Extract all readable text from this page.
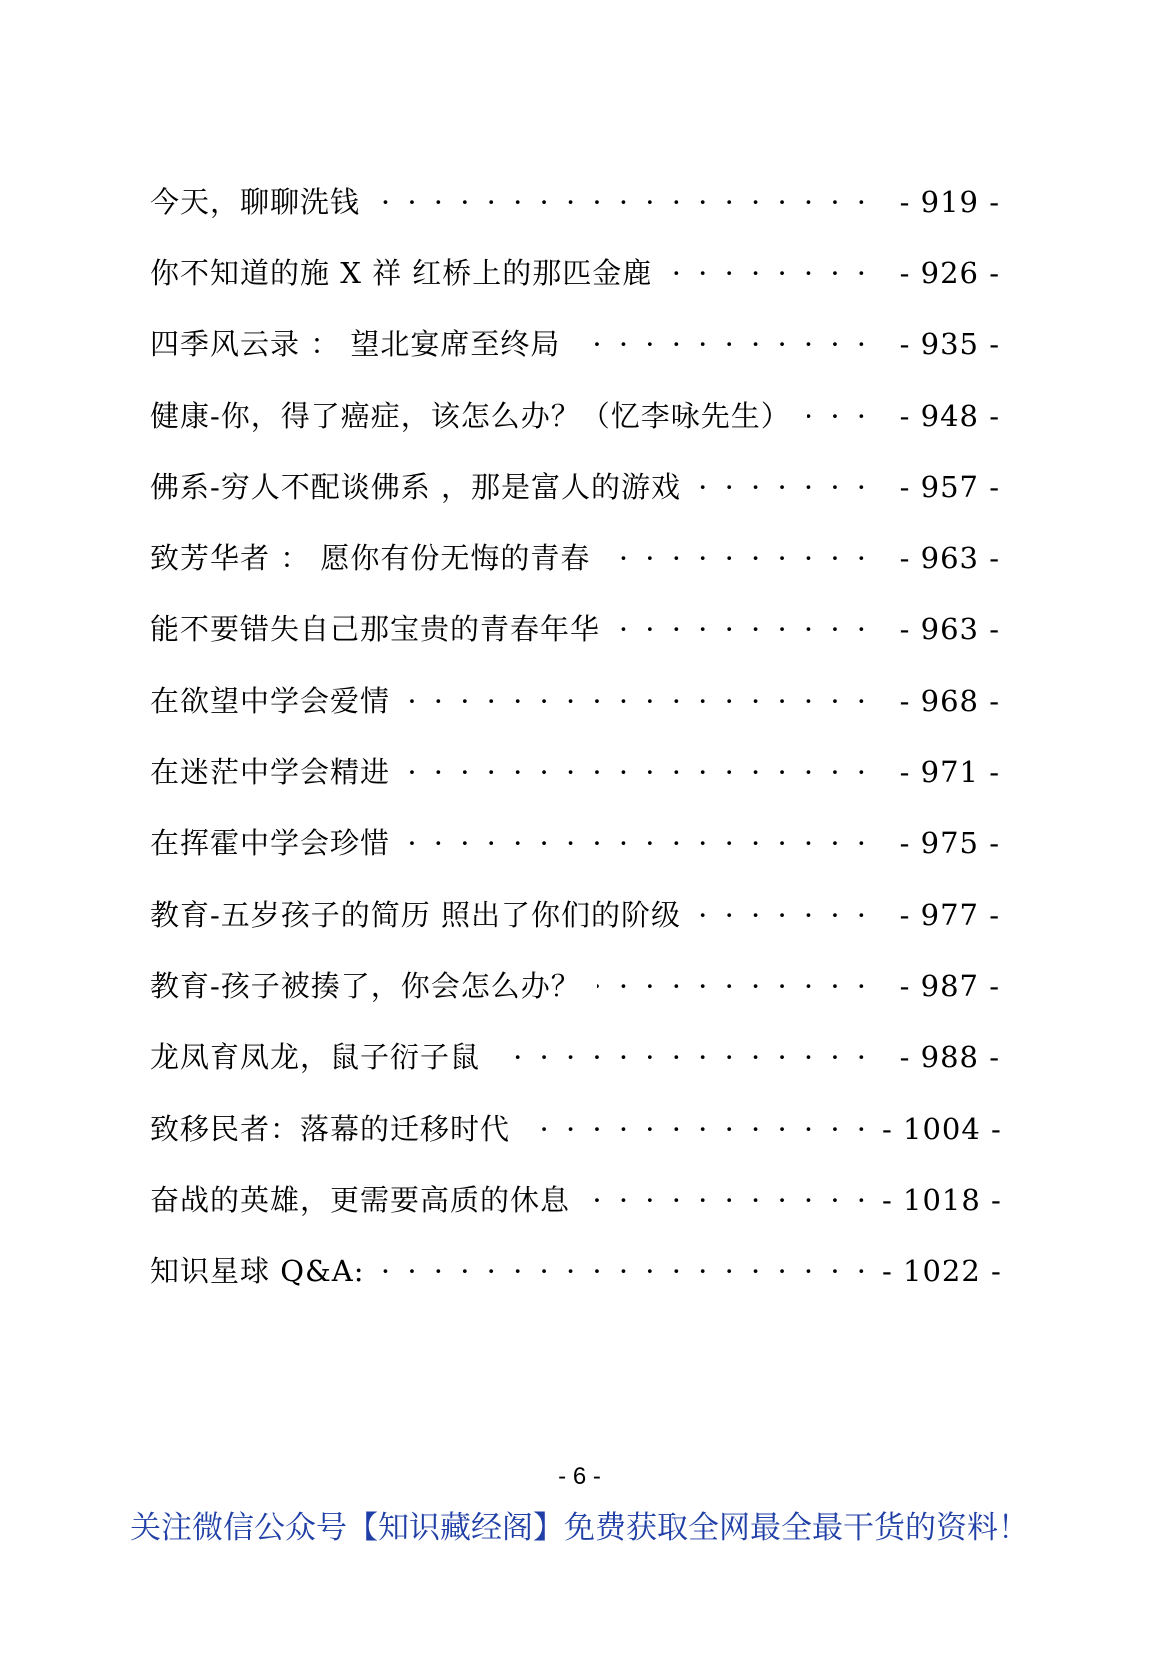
今天，聊聊洗钱 · · ·	- 919 -
你不知道的施 X 祥 红桥上的那匹金鹿 · · ·	- 926 -
四季风云录 ： 望北宴席至终局 · · ·	- 935 -
健康-你，得了癌症，该怎么办？（忆李咏先生） · · ·	- 948 -
佛系-穷人不配谈佛系 ，那是富人的游戏 · · ·	- 957 -
致芳华者 ： 愿你有份无悔的青春 · · ·	- 963 -
能不要错失自己那宝贵的青春年华 · · ·	- 963 -
在欲望中学会爱情 · · ·	- 968 -
在迷茫中学会精进 · · ·	- 971 -
在挥霍中学会珍惜 · · ·	- 975 -
教育-五岁孩子的简历 照出了你们的阶级 · · ·	- 977 -
教育-孩子被揍了，你会怎么办？ · · ·	- 987 -
龙凤育凤龙，鼠子衍子鼠 · · ·	- 988 -
致移民者：落幕的迁移时代 · · ·	- 1004 -
奋战的英雄，更需要高质的休息 · · ·	- 1018 -
知识星球 Q&A: · · ·	- 1022 -
- 6 -
关注微信公众号【知识藏经阁】免费获取全网最全最干货的资料！
